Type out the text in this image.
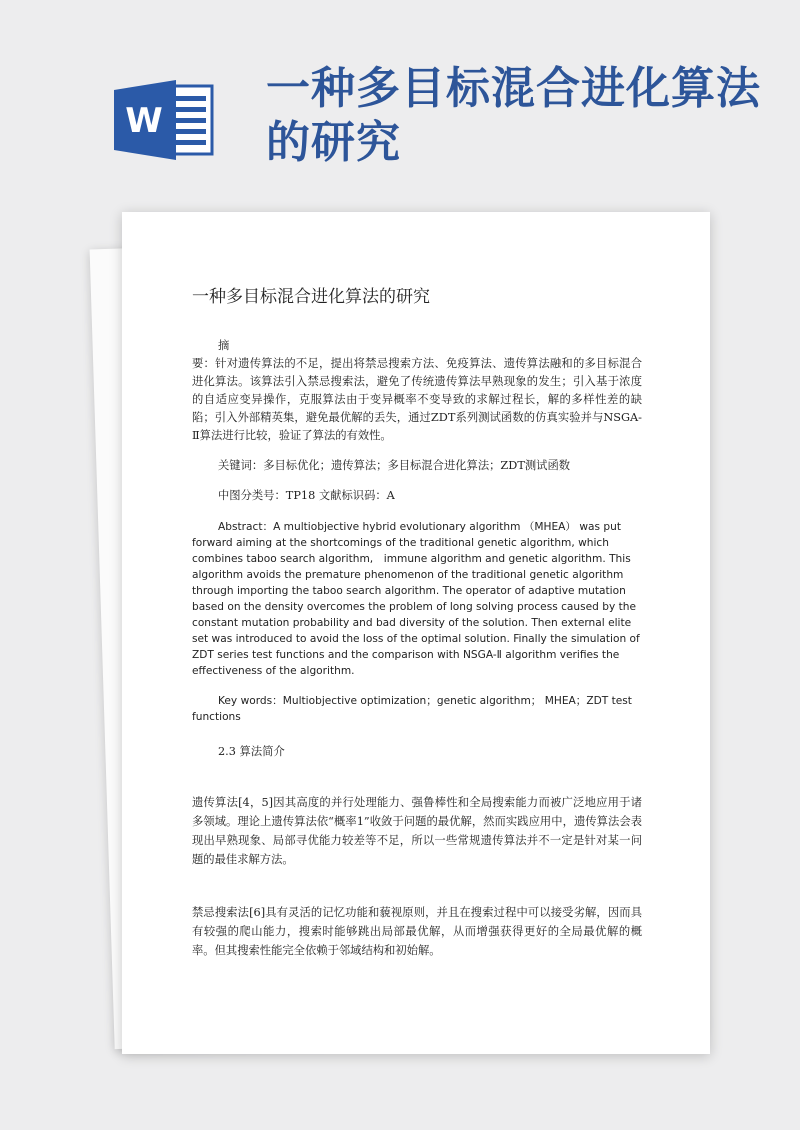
W
一种多目标混合进化算法的研究
一种多目标混合进化算法的研究

摘

要：针对遗传算法的不足，提出将禁忌搜索方法、免疫算法、遗传算法融和的多目标混合进化算法。该算法引入禁忌搜索法，避免了传统遗传算法早熟现象的发生；引入基于浓度的自适应变异操作，克服算法由于变异概率不变导致的求解过程长，解的多样性差的缺陷；引入外部精英集，避免最优解的丢失，通过ZDT系列测试函数的仿真实验并与NSGA-Ⅱ算法进行比较，验证了算法的有效性。

关键词：多目标优化；遗传算法；多目标混合进化算法；ZDT测试函数

中图分类号：TP18 文献标识码：A

Abstract：A multiobjective hybrid evolutionary algorithm （MHEA） was put forward aiming at the shortcomings of the traditional genetic algorithm, which combines taboo search algorithm,　immune algorithm and genetic algorithm. This algorithm avoids the premature phenomenon of the traditional genetic algorithm through importing the taboo search algorithm. The operator of adaptive mutation based on the density overcomes the problem of long solving process caused by the constant mutation probability and bad diversity of the solution. Then external elite set was introduced to avoid the loss of the optimal solution. Finally the simulation of ZDT series test functions and the comparison with NSGA-Ⅱ algorithm verifies the effectiveness of the algorithm.

Key words：Multiobjective optimization；genetic algorithm； MHEA；ZDT test functions

2.3 算法简介

遗传算法[4，5]因其高度的并行处理能力、强鲁棒性和全局搜索能力而被广泛地应用于诸多领域。理论上遗传算法依“概率1”收敛于问题的最优解，然而实践应用中，遗传算法会表现出早熟现象、局部寻优能力较差等不足，所以一些常规遗传算法并不一定是针对某一问题的最佳求解方法。

禁忌搜索法[6]具有灵活的记忆功能和藐视原则，并且在搜索过程中可以接受劣解，因而具有较强的爬山能力，搜索时能够跳出局部最优解，从而增强获得更好的全局最优解的概率。但其搜索性能完全依赖于邻域结构和初始解。
